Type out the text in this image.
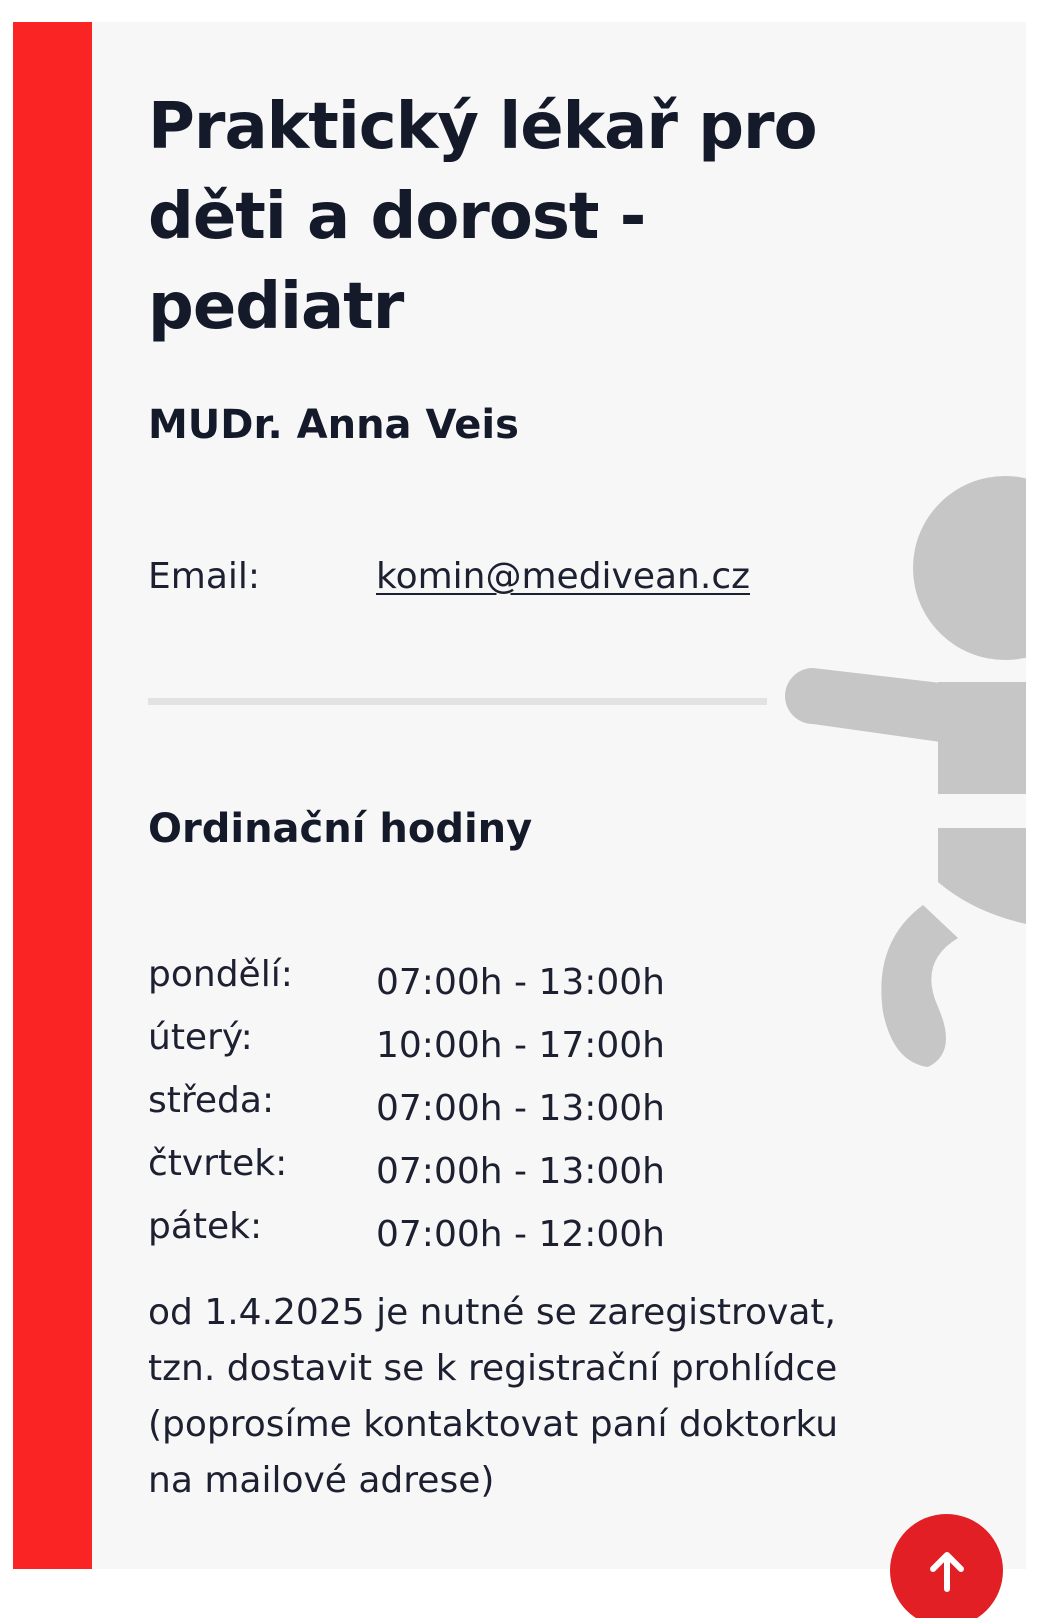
Praktický lékař pro děti a dorost - pediatr
MUDr. Anna Veis
Email:	komin@medivean.cz
Ordinační hodiny
pondělí: 07:00h - 13:00h
úterý:	10:00h - 17:00h
středa:	07:00h - 13:00h
čtvrtek: 07:00h - 13:00h
pátek:	07:00h - 12:00h

od 1.4.2025 je nutné se zaregistrovat, tzn. dostavit se k registrační prohlídce (poprosíme kontaktovat paní doktorku na mailové adrese)
